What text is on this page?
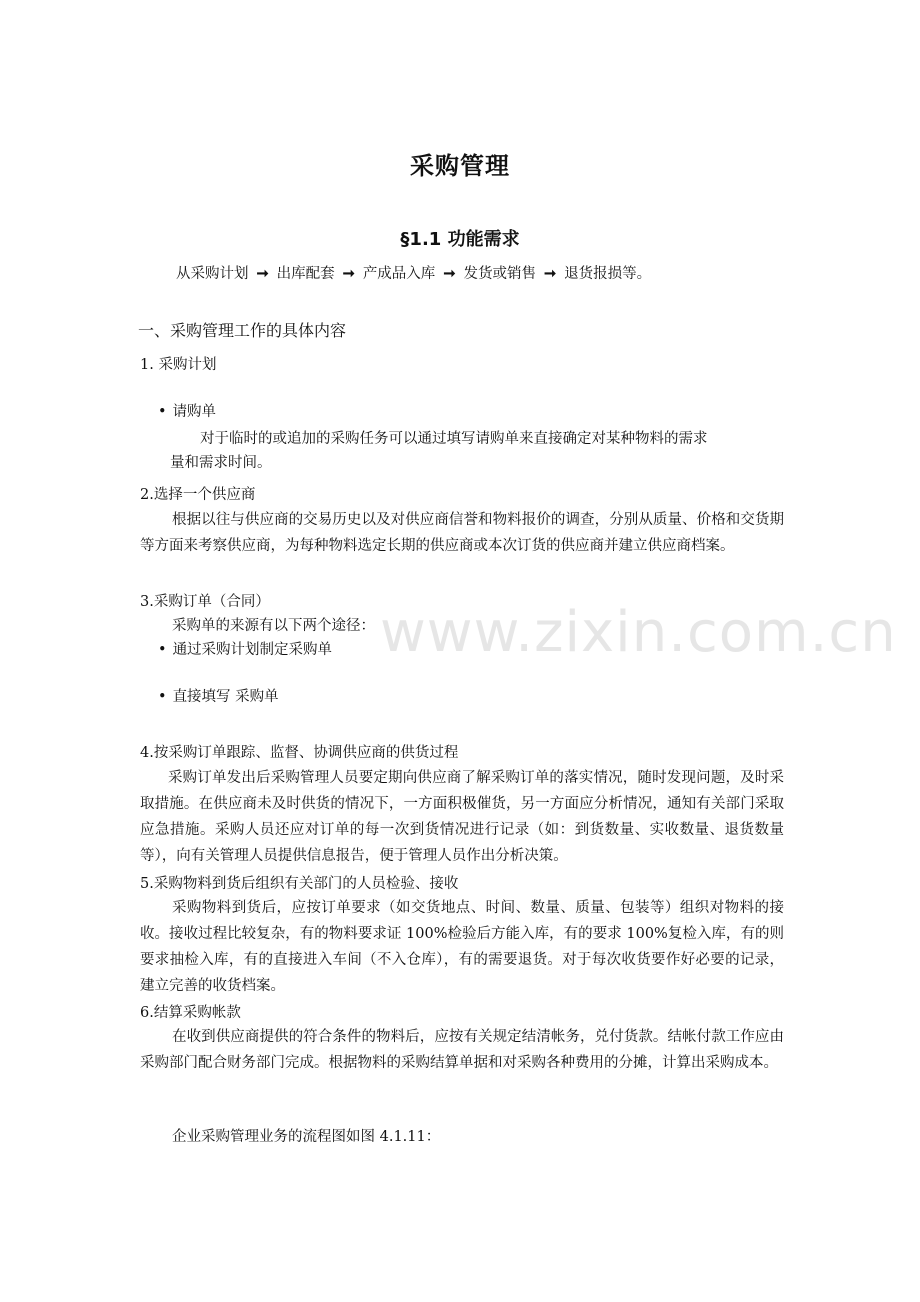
www.zixin.com.cn
采购管理
§1.1 功能需求
从采购计划 ➞ 出库配套 ➞ 产成品入库 ➞ 发货或销售 ➞ 退货报损等。
一、采购管理工作的具体内容
1. 采购计划
• 请购单
对于临时的或追加的采购任务可以通过填写请购单来直接确定对某种物料的需求
量和需求时间。
2.选择一个供应商
根据以往与供应商的交易历史以及对供应商信誉和物料报价的调查，分别从质量、价格和交货期等方面来考察供应商，为每种物料选定长期的供应商或本次订货的供应商并建立供应商档案。
3.采购订单（合同）
采购单的来源有以下两个途径：
• 通过采购计划制定采购单
• 直接填写 采购单
4.按采购订单跟踪、监督、协调供应商的供货过程
采购订单发出后采购管理人员要定期向供应商了解采购订单的落实情况，随时发现问题，及时采取措施。在供应商未及时供货的情况下，一方面积极催货，另一方面应分析情况，通知有关部门采取应急措施。采购人员还应对订单的每一次到货情况进行记录（如：到货数量、实收数量、退货数量等），向有关管理人员提供信息报告，便于管理人员作出分析决策。
5.采购物料到货后组织有关部门的人员检验、接收
采购物料到货后，应按订单要求（如交货地点、时间、数量、质量、包装等）组织对物料的接收。接收过程比较复杂，有的物料要求证 100%检验后方能入库，有的要求 100%复检入库，有的则要求抽检入库，有的直接进入车间（不入仓库），有的需要退货。对于每次收货要作好必要的记录，建立完善的收货档案。
6.结算采购帐款
在收到供应商提供的符合条件的物料后，应按有关规定结清帐务，兑付货款。结帐付款工作应由采购部门配合财务部门完成。根据物料的采购结算单据和对采购各种费用的分摊，计算出采购成本。
企业采购管理业务的流程图如图 4.1.11：
